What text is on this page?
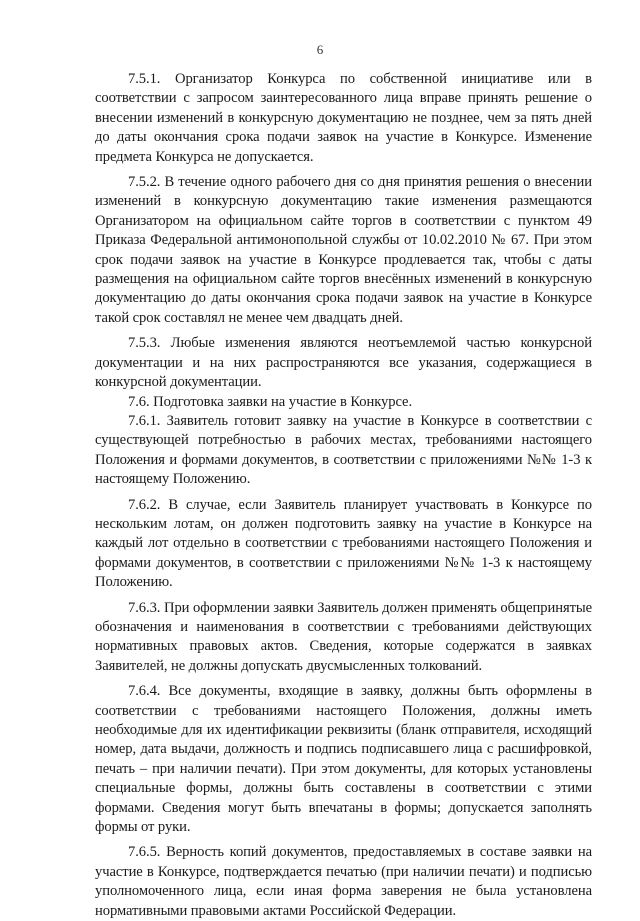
6

7.5.1. Организатор Конкурса по собственной инициативе или в соответствии с запросом заинтересованного лица вправе принять решение о внесении изменений в конкурсную документацию не позднее, чем за пять дней до даты окончания срока подачи заявок на участие в Конкурсе. Изменение предмета Конкурса не допускается.

7.5.2. В течение одного рабочего дня со дня принятия решения о внесении изменений в конкурсную документацию такие изменения размещаются Организатором на официальном сайте торгов в соответствии с пунктом 49 Приказа Федеральной антимонопольной службы от 10.02.2010 № 67. При этом срок подачи заявок на участие в Конкурсе продлевается так, чтобы с даты размещения на официальном сайте торгов внесённых изменений в конкурсную документацию до даты окончания срока подачи заявок на участие в Конкурсе такой срок составлял не менее чем двадцать дней.

7.5.3. Любые изменения являются неотъемлемой частью конкурсной документации и на них распространяются все указания, содержащиеся в конкурсной документации.

7.6. Подготовка заявки на участие в Конкурсе.

7.6.1. Заявитель готовит заявку на участие в Конкурсе в соответствии с существующей потребностью в рабочих местах, требованиями настоящего Положения и формами документов, в соответствии с приложениями №№ 1-3 к настоящему Положению.

7.6.2. В случае, если Заявитель планирует участвовать в Конкурсе по нескольким лотам, он должен подготовить заявку на участие в Конкурсе на каждый лот отдельно в соответствии с требованиями настоящего Положения и формами документов, в соответствии с приложениями №№ 1-3 к настоящему Положению.

7.6.3. При оформлении заявки Заявитель должен применять общепринятые обозначения и наименования в соответствии с требованиями действующих нормативных правовых актов. Сведения, которые содержатся в заявках Заявителей, не должны допускать двусмысленных толкований.

7.6.4. Все документы, входящие в заявку, должны быть оформлены в соответствии с требованиями настоящего Положения, должны иметь необходимые для их идентификации реквизиты (бланк отправителя, исходящий номер, дата выдачи, должность и подпись подписавшего лица с расшифровкой, печать – при наличии печати). При этом документы, для которых установлены специальные формы, должны быть составлены в соответствии с этими формами. Сведения могут быть впечатаны в формы; допускается заполнять формы от руки.

7.6.5. Верность копий документов, предоставляемых в составе заявки на участие в Конкурсе, подтверждается печатью (при наличии печати) и подписью уполномоченного лица, если иная форма заверения не была установлена нормативными правовыми актами Российской Федерации.
